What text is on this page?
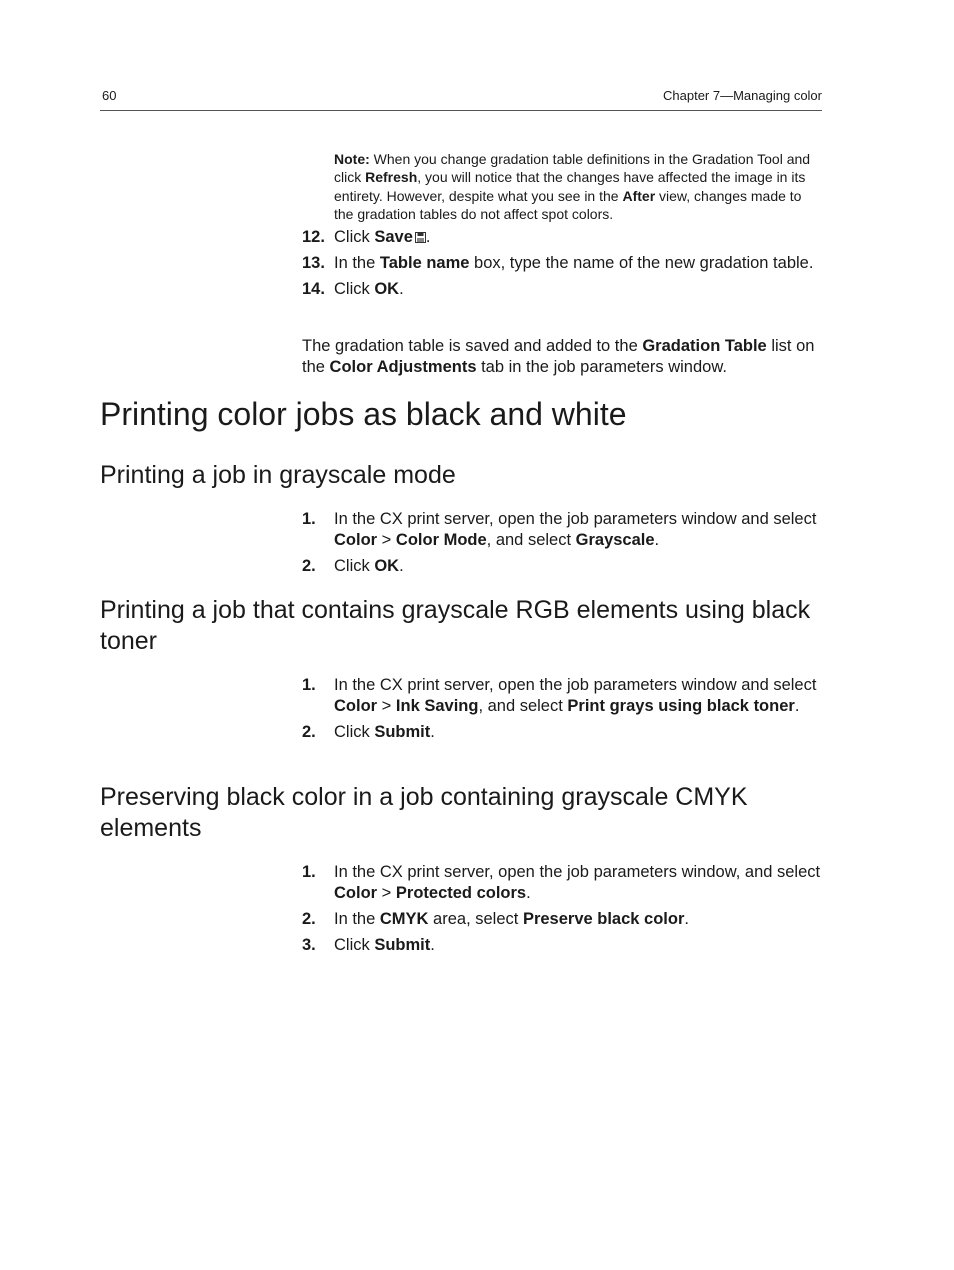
60	Chapter 7—Managing color
Note: When you change gradation table definitions in the Gradation Tool and click Refresh, you will notice that the changes have affected the image in its entirety. However, despite what you see in the After view, changes made to the gradation tables do not affect spot colors.
12. Click Save .
13. In the Table name box, type the name of the new gradation table.
14. Click OK.
The gradation table is saved and added to the Gradation Table list on the Color Adjustments tab in the job parameters window.
Printing color jobs as black and white
Printing a job in grayscale mode
1. In the CX print server, open the job parameters window and select Color > Color Mode, and select Grayscale.
2. Click OK.
Printing a job that contains grayscale RGB elements using black toner
1. In the CX print server, open the job parameters window and select Color > Ink Saving, and select Print grays using black toner.
2. Click Submit.
Preserving black color in a job containing grayscale CMYK elements
1. In the CX print server, open the job parameters window, and select Color > Protected colors.
2. In the CMYK area, select Preserve black color.
3. Click Submit.
